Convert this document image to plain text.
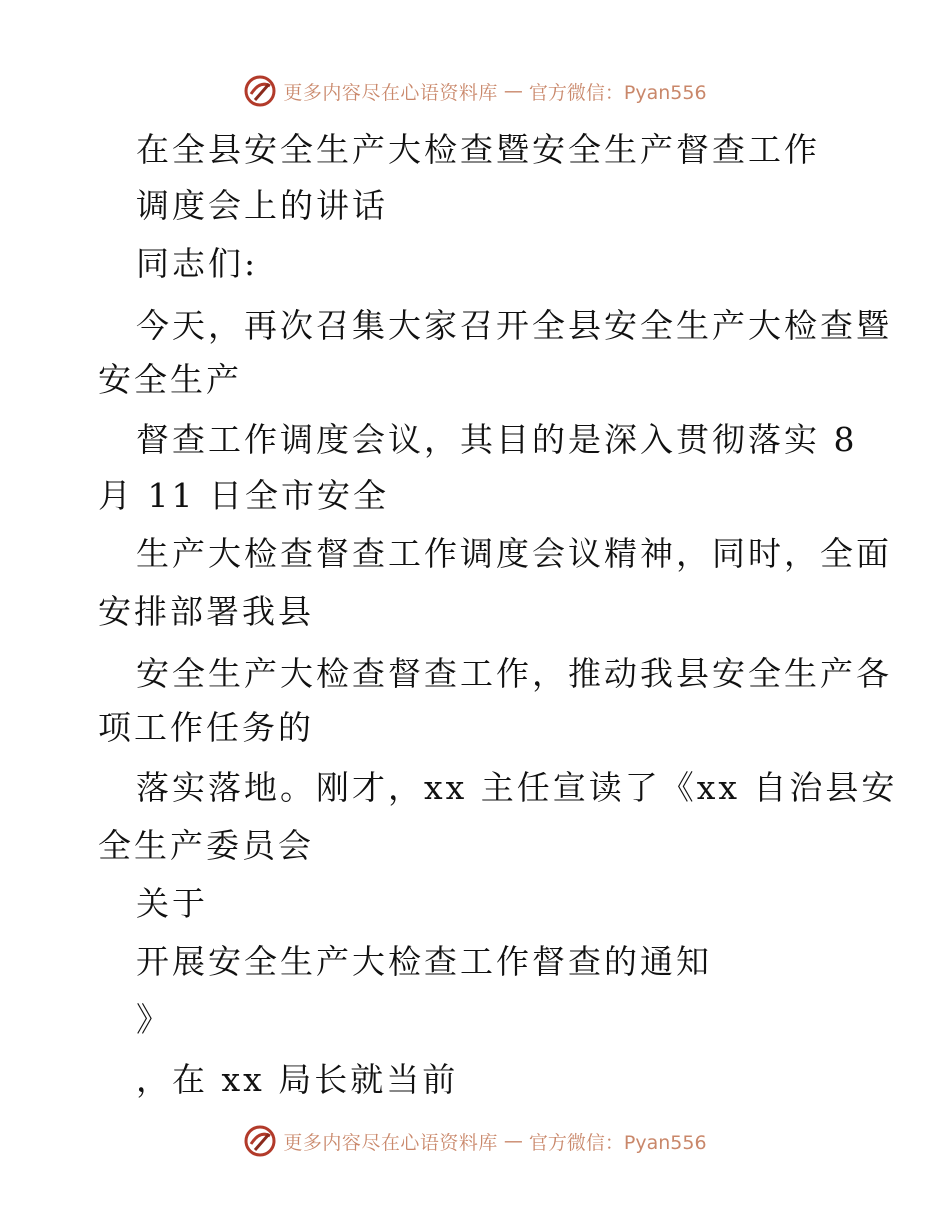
更多内容尽在心语资料库 — 官方微信：Pyan556
在全县安全生产大检查暨安全生产督查工作
调度会上的讲话
同志们:
今天，再次召集大家召开全县安全生产大检查暨
安全生产
督查工作调度会议，其目的是深入贯彻落实 8
月 11 日全市安全
生产大检查督查工作调度会议精神，同时，全面
安排部署我县
安全生产大检查督查工作，推动我县安全生产各
项工作任务的
落实落地。刚才，xx 主任宣读了《xx 自治县安
全生产委员会
关于
开展安全生产大检查工作督查的通知
》
，在 xx 局长就当前
更多内容尽在心语资料库 — 官方微信：Pyan556
